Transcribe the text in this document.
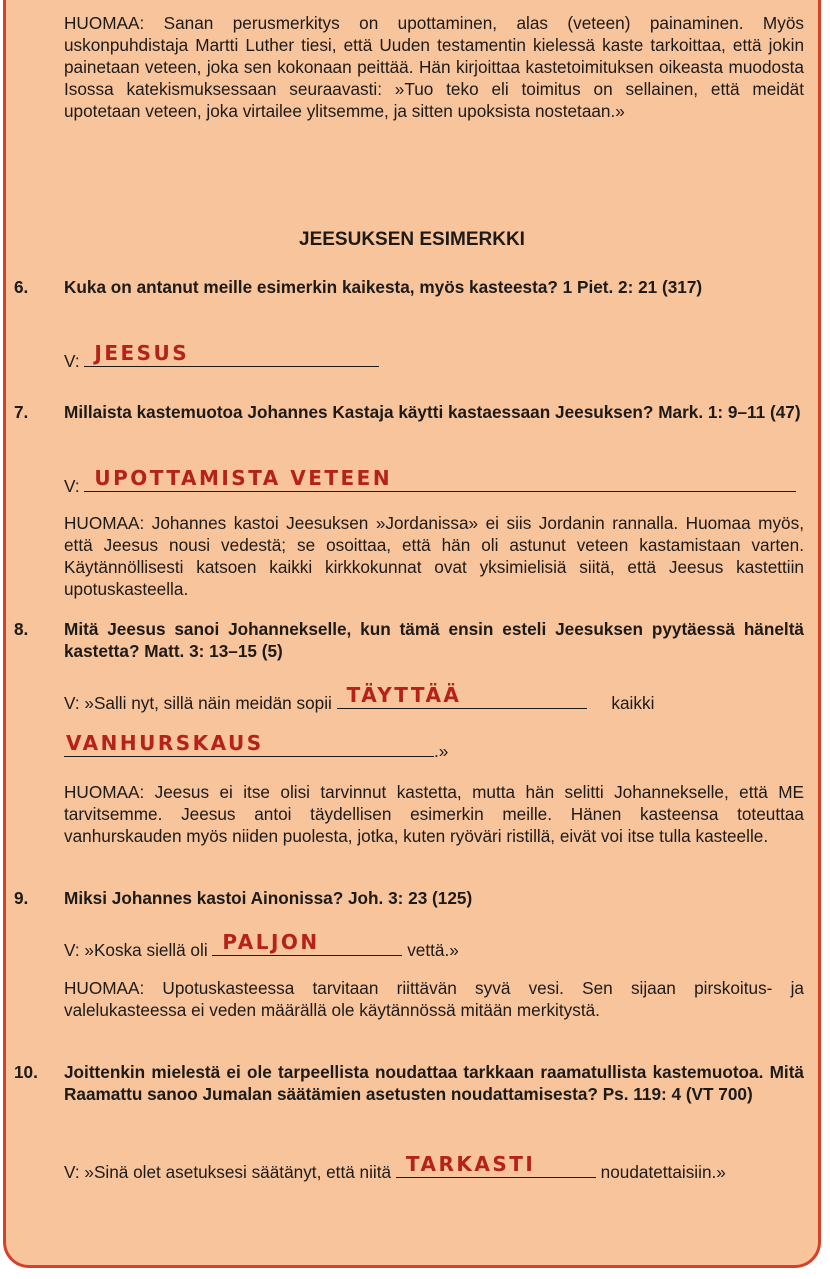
HUOMAA: Sanan perusmerkitys on upottaminen, alas (veteen) painaminen. Myös uskonpuhdistaja Martti Luther tiesi, että Uuden testamentin kielessä kaste tarkoittaa, että jokin painetaan veteen, joka sen kokonaan peittää. Hän kirjoittaa kastetoimituksen oikeasta muodosta Isossa katekismuksessaan seuraavasti: »Tuo teko eli toimitus on sellainen, että meidät upotetaan veteen, joka virtailee ylitsemme, ja sitten upoksista nostetaan.»

JEESUKSEN ESIMERKKI
6.	Kuka on antanut meille esimerkin kaikesta, myös kasteesta? 1 Piet. 2: 21 (317)

V: JEESUS

7.	Millaista kastemuotoa Johannes Kastaja käytti kastaessaan Jeesuksen? Mark. 1: 9–11 (47)

V: UPOTTAMISTA VETEEN

HUOMAA: Johannes kastoi Jeesuksen »Jordanissa» ei siis Jordanin rannalla. Huomaa myös, että Jeesus nousi vedestä; se osoittaa, että hän oli astunut veteen kastamistaan varten. Käytännöllisesti katsoen kaikki kirkkokunnat ovat yksimielisiä siitä, että Jeesus kastettiin upotuskasteella.

8.	Mitä Jeesus sanoi Johannekselle, kun tämä ensin esteli Jeesuksen pyytäessä häneltä kastetta? Matt. 3: 13–15 (5)

V: »Salli nyt, sillä näin meidän sopii TÄYTTÄÄ	kaikki

VANHURSKAUS	.»

HUOMAA: Jeesus ei itse olisi tarvinnut kastetta, mutta hän selitti Johannekselle, että ME tarvitsemme. Jeesus antoi täydellisen esimerkin meille. Hänen kasteensa toteuttaa vanhurskauden myös niiden puolesta, jotka, kuten ryöväri ristillä, eivät voi itse tulla kasteelle.

9.	Miksi Johannes kastoi Ainonissa? Joh. 3: 23 (125)

V: »Koska siellä oli PALJON	vettä.»

HUOMAA: Upotuskasteessa tarvitaan riittävän syvä vesi. Sen sijaan pirskoitus- ja valelukasteessa ei veden määrällä ole käytännössä mitään merkitystä.

10.	Joittenkin mielestä ei ole tarpeellista noudattaa tarkkaan raamatullista kastemuotoa. Mitä Raamattu sanoo Jumalan säätämien asetusten noudattamisesta? Ps. 119: 4 (VT 700)

V: »Sinä olet asetuksesi säätänyt, että niitä TARKASTI	noudatettaisiin.»
